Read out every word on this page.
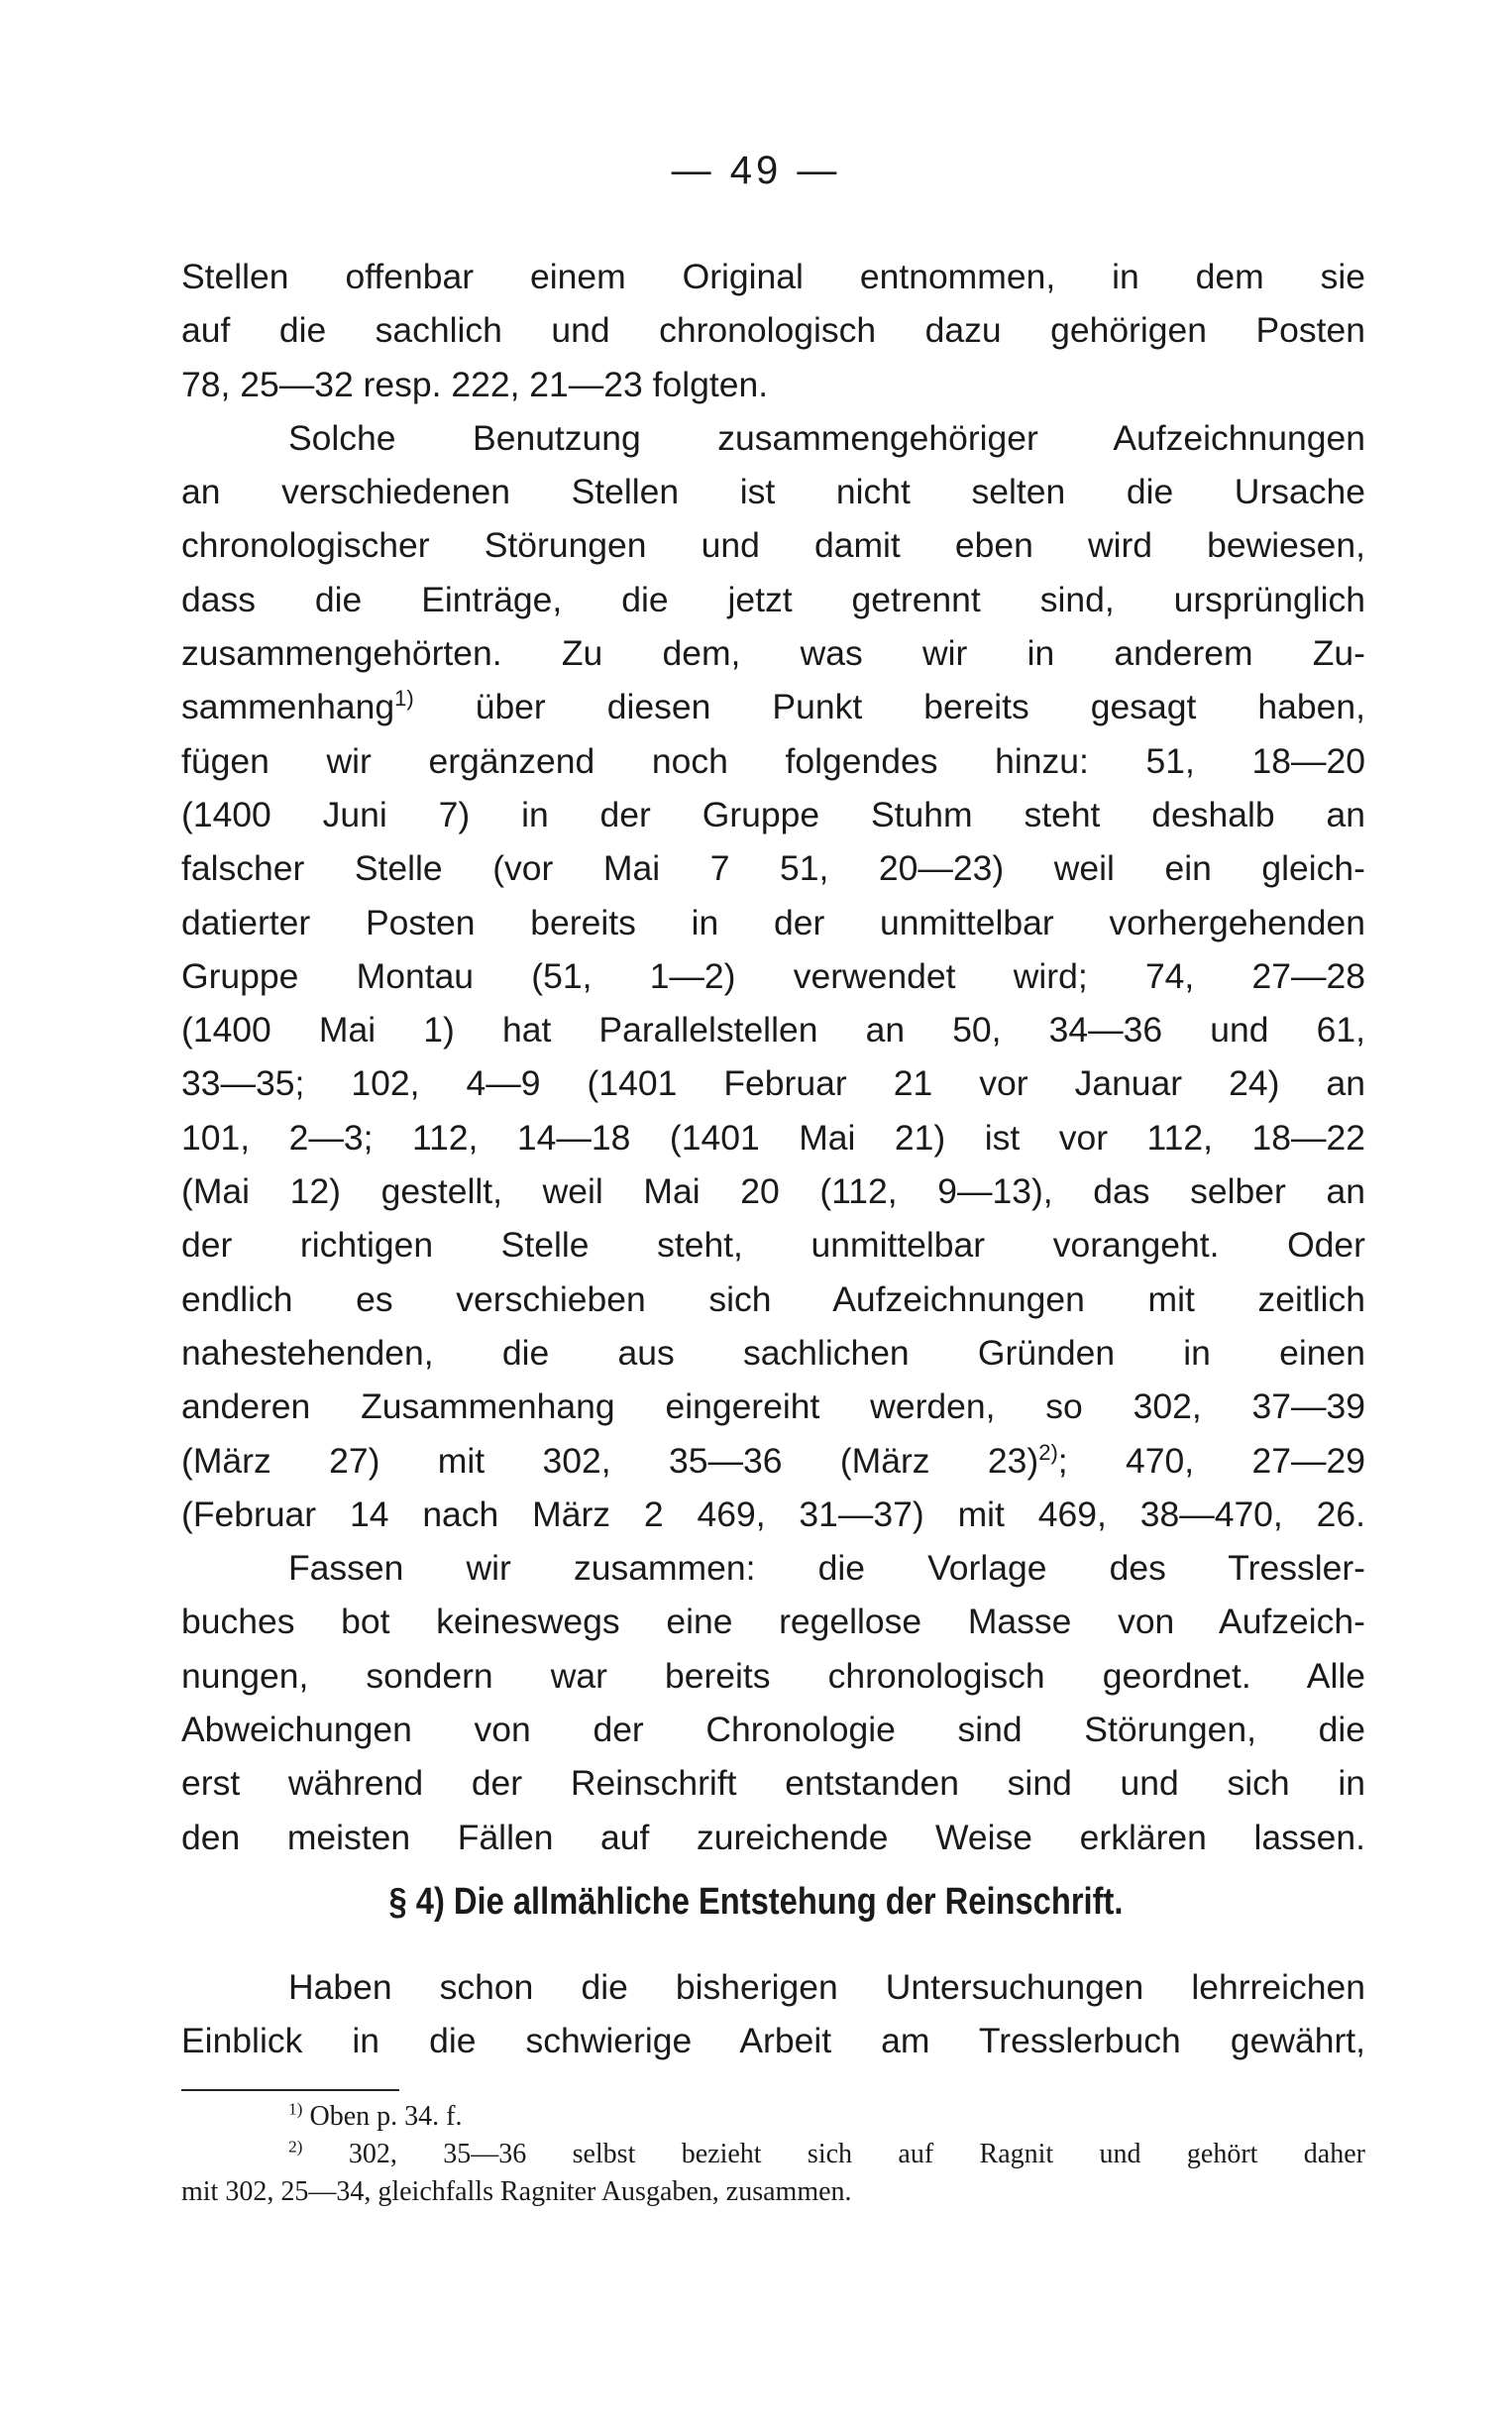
— 49 —
Stellen offenbar einem Original entnommen, in dem sie
auf die sachlich und chronologisch dazu gehörigen Posten
78, 25—32 resp. 222, 21—23 folgten.
Solche Benutzung zusammengehöriger Aufzeichnungen
an verschiedenen Stellen ist nicht selten die Ursache
chronologischer Störungen und damit eben wird bewiesen,
dass die Einträge, die jetzt getrennt sind, ursprünglich
zusammengehörten. Zu dem, was wir in anderem Zu-
sammenhang$^{1)}$ über diesen Punkt bereits gesagt haben,
fügen wir ergänzend noch folgendes hinzu: 51, 18—20
(1400 Juni 7) in der Gruppe Stuhm steht deshalb an
falscher Stelle (vor Mai 7 51, 20—23) weil ein gleich-
datierter Posten bereits in der unmittelbar vorhergehenden
Gruppe Montau (51, 1—2) verwendet wird; 74, 27—28
(1400 Mai 1) hat Parallelstellen an 50, 34—36 und 61,
33—35; 102, 4—9 (1401 Februar 21 vor Januar 24) an
101, 2—3; 112, 14—18 (1401 Mai 21) ist vor 112, 18—22
(Mai 12) gestellt, weil Mai 20 (112, 9—13), das selber an
der richtigen Stelle steht, unmittelbar vorangeht. Oder
endlich es verschieben sich Aufzeichnungen mit zeitlich
nahestehenden, die aus sachlichen Gründen in einen
anderen Zusammenhang eingereiht werden, so 302, 37—39
(März 27) mit 302, 35—36 (März 23)$^{2)}$; 470, 27—29
(Februar 14 nach März 2 469, 31—37) mit 469, 38—470, 26.
Fassen wir zusammen: die Vorlage des Tressler-
buches bot keineswegs eine regellose Masse von Aufzeich-
nungen, sondern war bereits chronologisch geordnet. Alle
Abweichungen von der Chronologie sind Störungen, die
erst während der Reinschrift entstanden sind und sich in
den meisten Fällen auf zureichende Weise erklären lassen.
§ 4) Die allmähliche Entstehung der Reinschrift.
Haben schon die bisherigen Untersuchungen lehrreichen
Einblick in die schwierige Arbeit am Tresslerbuch gewährt,
$^{1)}$ Oben p. 34. f.
$^{2)}$ 302, 35—36 selbst bezieht sich auf Ragnit und gehört daher
mit 302, 25—34, gleichfalls Ragniter Ausgaben, zusammen.
